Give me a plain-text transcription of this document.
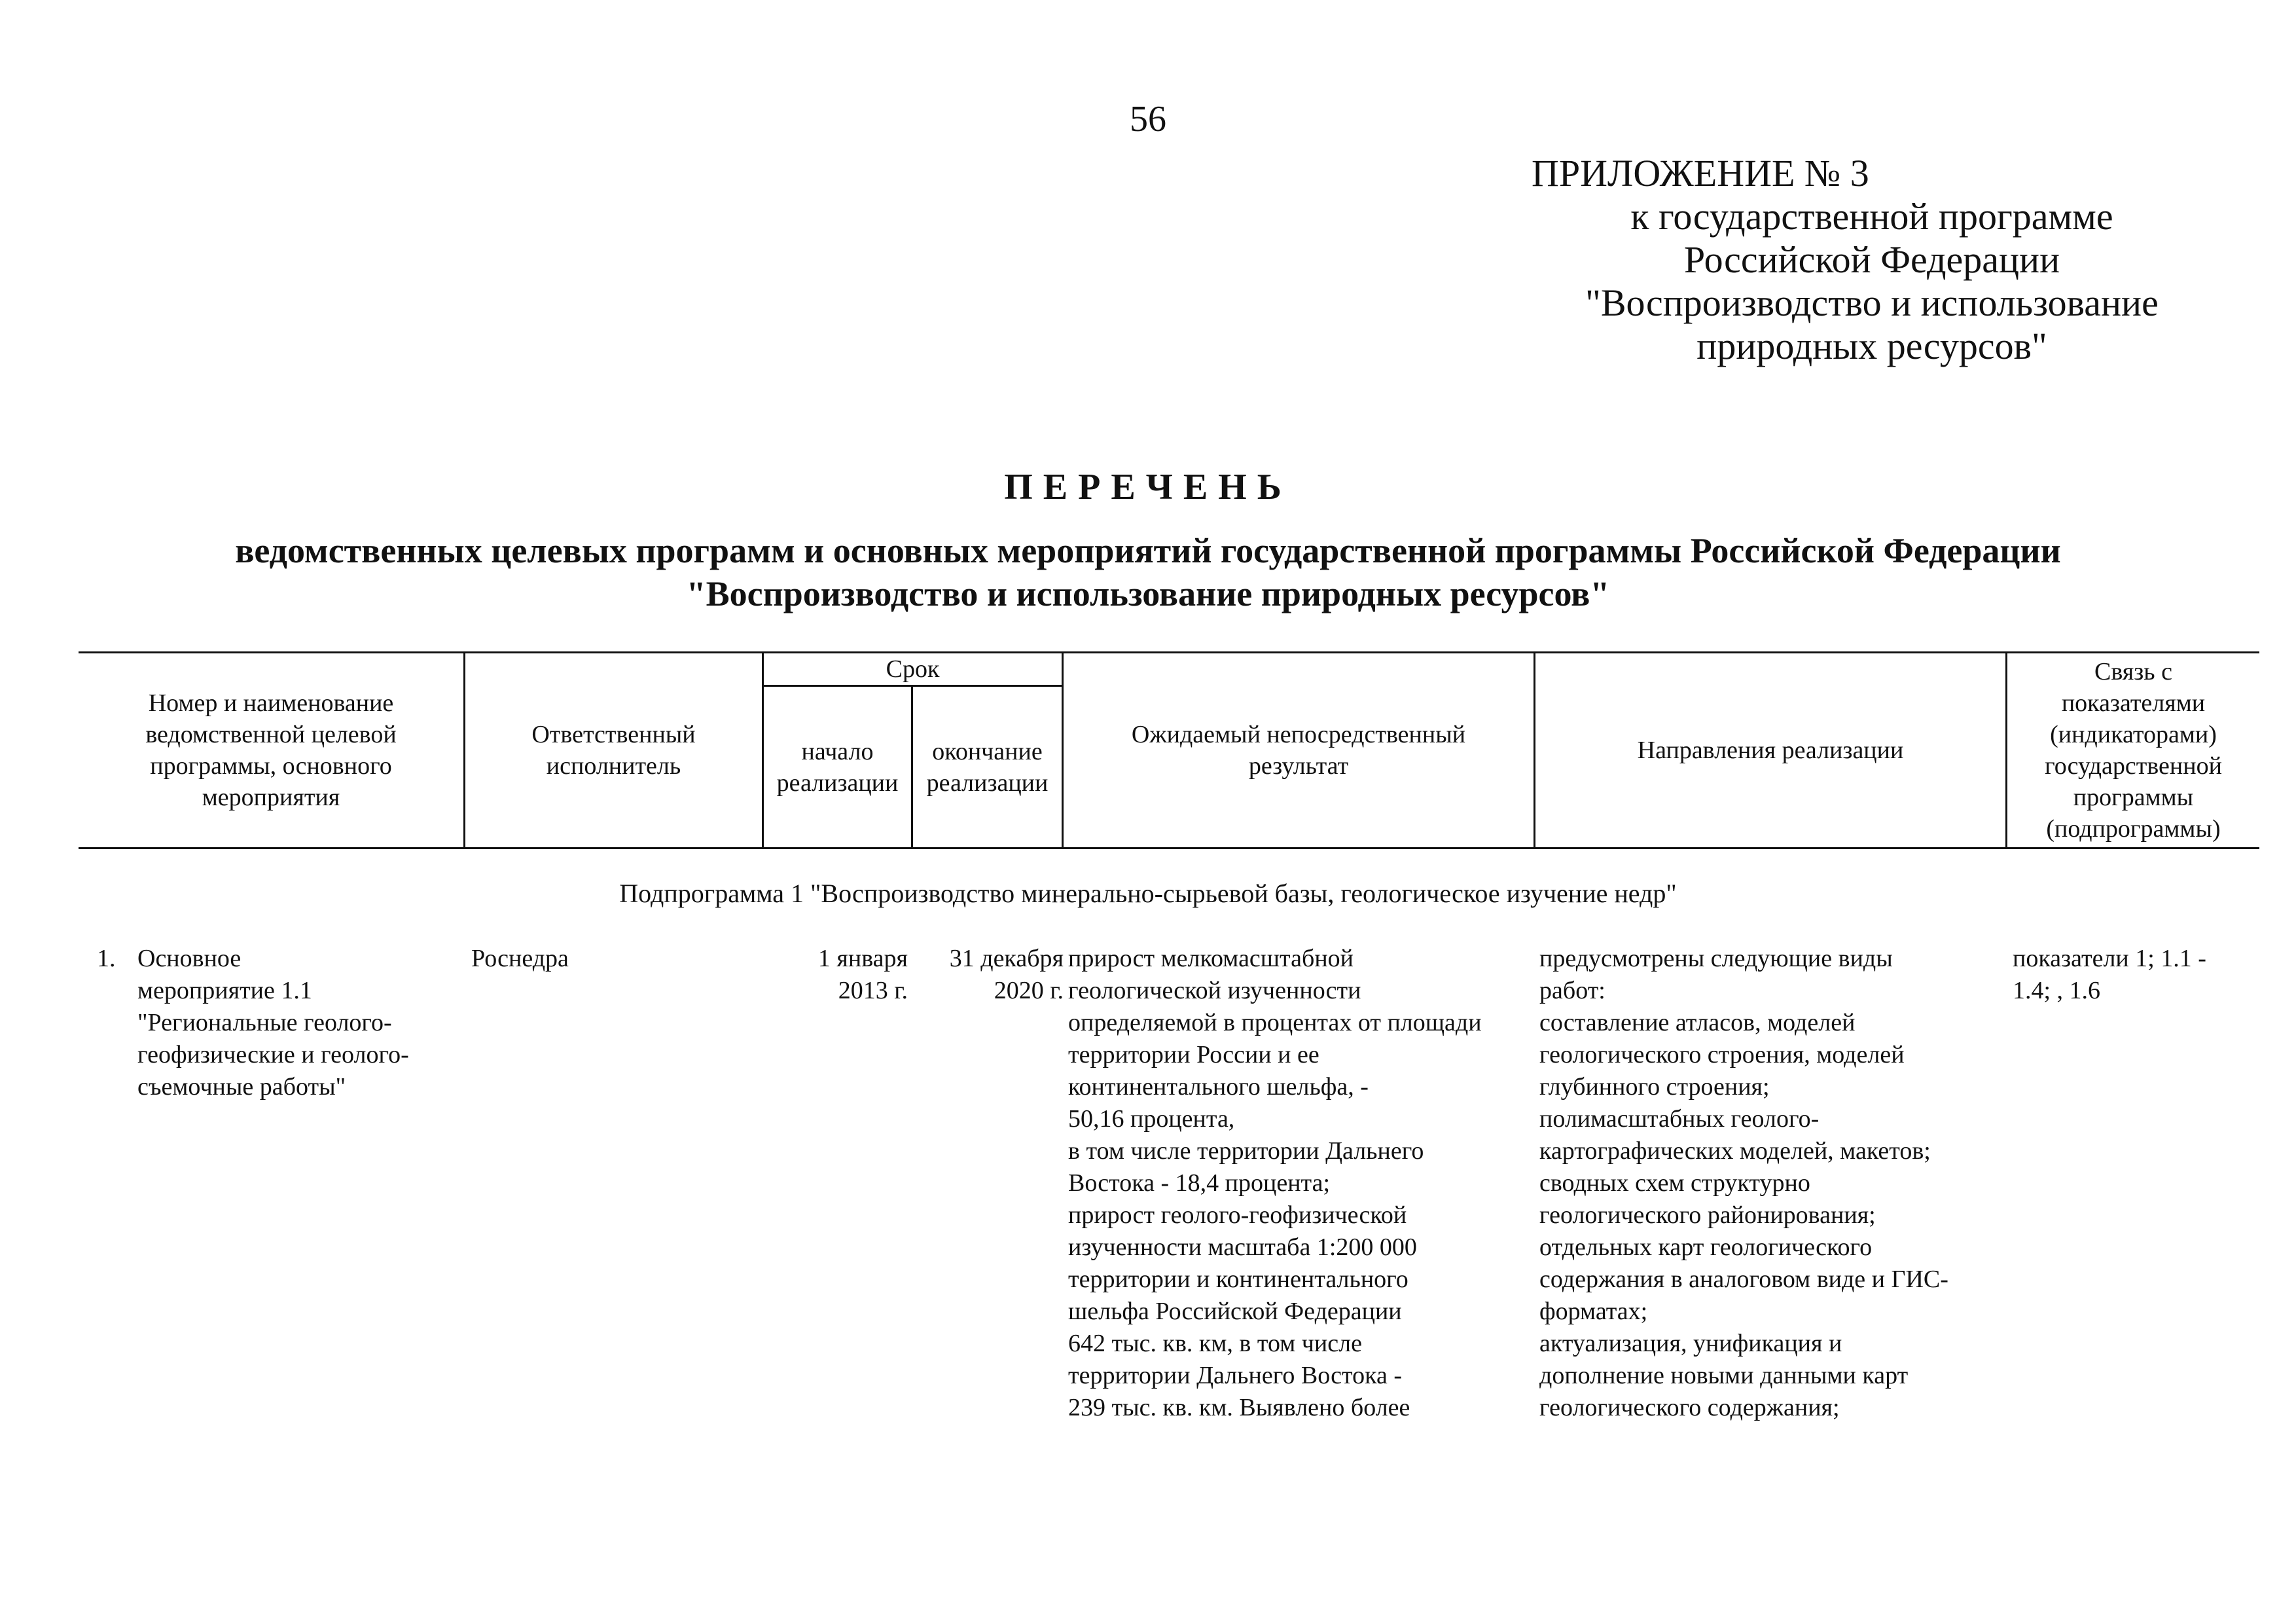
56
ПРИЛОЖЕНИЕ № 3
к государственной программе
Российской Федерации
"Воспроизводство и использование
природных ресурсов"
ПЕРЕЧЕНЬ
ведомственных целевых программ и основных мероприятий государственной программы Российской Федерации
"Воспроизводство и использование природных ресурсов"
Номер и наименование
ведомственной целевой
программы, основного
мероприятия
Ответственный
исполнитель
Срок
начало
реализации
окончание
реализации
Ожидаемый непосредственный
результат
Направления реализации
Связь с
показателями
(индикаторами)
государственной
программы
(подпрограммы)
Подпрограмма 1 "Воспроизводство минерально-сырьевой базы, геологическое изучение недр"
1. Основное
мероприятие 1.1
"Региональные геолого-
геофизические и геолого-
съемочные работы"
Роснедра	1 января
2013 г.
31 декабря
2020 г.
прирост мелкомасштабной
геологической изученности
определяемой в процентах от площади
территории России и ее
континентального шельфа, -
50,16 процента,
в том числе территории Дальнего
Востока - 18,4 процента;
прирост геолого-геофизической
изученности масштаба 1:200 000
территории и континентального
шельфа Российской Федерации
642 тыс. кв. км, в том числе
территории Дальнего Востока -
239 тыс. кв. км. Выявлено более
предусмотрены следующие виды
работ:
составление атласов, моделей
геологического строения, моделей
глубинного строения;
полимасштабных геолого-
картографических моделей, макетов;
сводных схем структурно
геологического районирования;
отдельных карт геологического
содержания в аналоговом виде и ГИС-
форматах;
актуализация, унификация и
дополнение новыми данными карт
геологического содержания;
показатели 1; 1.1 -
1.4; , 1.6
